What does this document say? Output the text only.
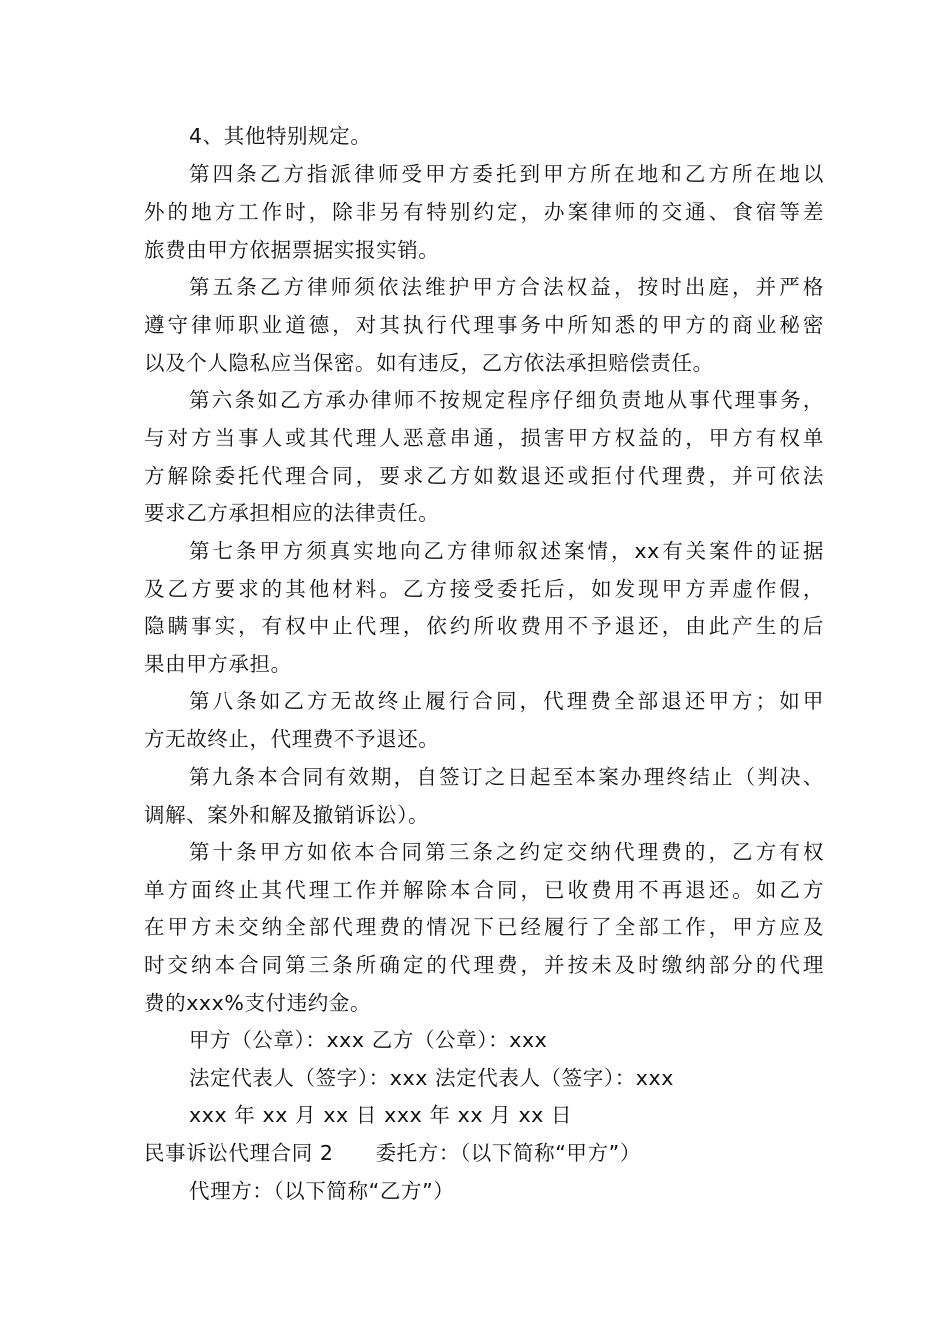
4、其他特别规定。
第四条乙方指派律师受甲方委托到甲方所在地和乙方所在地以
外的地方工作时，除非另有特别约定，办案律师的交通、食宿等差
旅费由甲方依据票据实报实销。
第五条乙方律师须依法维护甲方合法权益，按时出庭，并严格
遵守律师职业道德，对其执行代理事务中所知悉的甲方的商业秘密
以及个人隐私应当保密。如有违反，乙方依法承担赔偿责任。
第六条如乙方承办律师不按规定程序仔细负责地从事代理事务，
与对方当事人或其代理人恶意串通，损害甲方权益的，甲方有权单
方解除委托代理合同，要求乙方如数退还或拒付代理费，并可依法
要求乙方承担相应的法律责任。
第七条甲方须真实地向乙方律师叙述案情，xx有关案件的证据
及乙方要求的其他材料。乙方接受委托后，如发现甲方弄虚作假，
隐瞒事实，有权中止代理，依约所收费用不予退还，由此产生的后
果由甲方承担。
第八条如乙方无故终止履行合同，代理费全部退还甲方；如甲
方无故终止，代理费不予退还。
第九条本合同有效期，自签订之日起至本案办理终结止（判决、
调解、案外和解及撤销诉讼）。
第十条甲方如依本合同第三条之约定交纳代理费的，乙方有权
单方面终止其代理工作并解除本合同，已收费用不再退还。如乙方
在甲方未交纳全部代理费的情况下已经履行了全部工作，甲方应及
时交纳本合同第三条所确定的代理费，并按未及时缴纳部分的代理
费的xxx%支付违约金。
甲方（公章）：xxx 乙方（公章）：xxx
法定代表人（签字）：xxx 法定代表人（签字）：xxx
xxx 年 xx 月 xx 日 xxx 年 xx 月 xx 日
民事诉讼代理合同 2 委托方：（以下简称“甲方”）
代理方：（以下简称“乙方”）
